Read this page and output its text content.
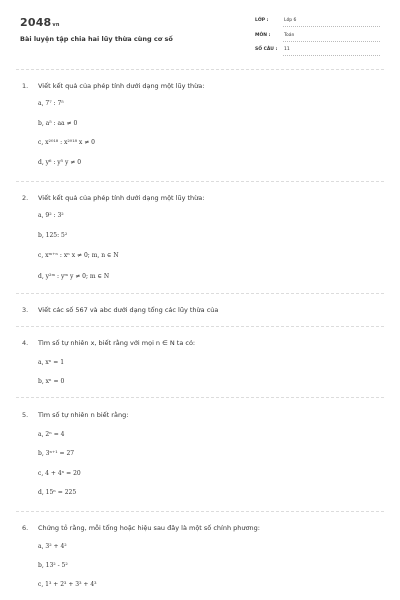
2048vn
Bài luyện tập chia hai lũy thừa cùng cơ số
LỚP :	Lớp 6
MÔN :	Toán
SỐ CÂU : 11
1. Viết kết quả của phép tính dưới dạng một lũy thừa:
a, 7⁷ : 7⁵
b, a⁵ : aa ≠ 0
c, x²⁰¹⁸ : x²⁰¹⁸ x ≠ 0
d, y⁶ : y⁵ y ≠ 0
2. Viết kết quả của phép tính dưới dạng một lũy thừa:
a, 9² : 3²
b, 125: 5²
c, xᵐ⁺ⁿ : xⁿ x ≠ 0; m, n ∈ N
d, y²ᵐ : yᵐ y ≠ 0; m ∈ N
3. Viết các số 567 và abc dưới dạng tổng các lũy thừa của
4. Tìm số tự nhiên x, biết rằng với mọi n ∈ N ta có:
a, xⁿ = 1
b, xⁿ = 0
5. Tìm số tự nhiên n biết rằng:
a, 2ⁿ = 4
b, 3ⁿ⁺¹ = 27
c, 4 + 4ⁿ = 20
d, 15ⁿ = 225
6. Chứng tỏ rằng, mỗi tổng hoặc hiệu sau đây là một số chính phương:
a, 3² + 4²
b, 13² - 5²
c, 1³ + 2³ + 3³ + 4³
